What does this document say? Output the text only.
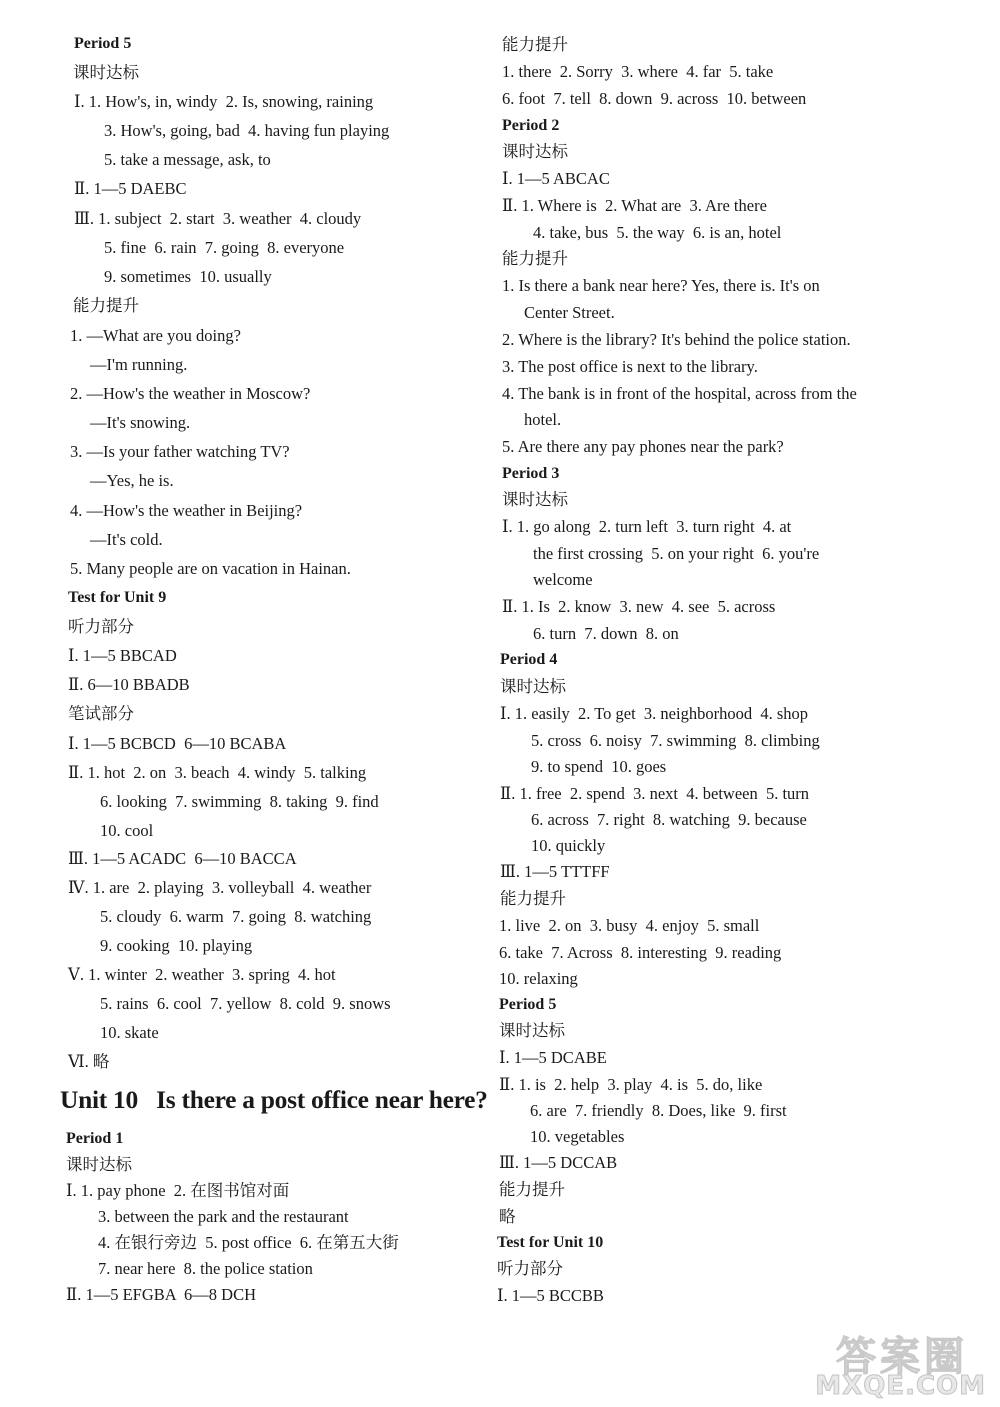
Period 5
课时达标
Ⅰ. 1. How's, in, windy  2. Is, snowing, raining
3. How's, going, bad  4. having fun playing
5. take a message, ask, to
Ⅱ. 1—5 DAEBC
Ⅲ. 1. subject  2. start  3. weather  4. cloudy
5. fine  6. rain  7. going  8. everyone
9. sometimes  10. usually
能力提升
1. —What are you doing?
—I'm running.
2. —How's the weather in Moscow?
—It's snowing.
3. —Is your father watching TV?
—Yes, he is.
4. —How's the weather in Beijing?
—It's cold.
5. Many people are on vacation in Hainan.
Test for Unit 9
听力部分
Ⅰ. 1—5 BBCAD
Ⅱ. 6—10 BBADB
笔试部分
Ⅰ. 1—5 BCBCD  6—10 BCABA
Ⅱ. 1. hot  2. on  3. beach  4. windy  5. talking
6. looking  7. swimming  8. taking  9. find
10. cool
Ⅲ. 1—5 ACADC  6—10 BACCA
Ⅳ. 1. are  2. playing  3. volleyball  4. weather
5. cloudy  6. warm  7. going  8. watching
9. cooking  10. playing
Ⅴ. 1. winter  2. weather  3. spring  4. hot
5. rains  6. cool  7. yellow  8. cold  9. snows
10. skate
Ⅵ. 略
Unit 10   Is there a post office near here?
Period 1
课时达标
Ⅰ. 1. pay phone  2. 在图书馆对面
3. between the park and the restaurant
4. 在银行旁边  5. post office  6. 在第五大街
7. near here  8. the police station
Ⅱ. 1—5 EFGBA  6—8 DCH
能力提升
1. there  2. Sorry  3. where  4. far  5. take
6. foot  7. tell  8. down  9. across  10. between
Period 2
课时达标
Ⅰ. 1—5 ABCAC
Ⅱ. 1. Where is  2. What are  3. Are there
4. take, bus  5. the way  6. is an, hotel
能力提升
1. Is there a bank near here? Yes, there is. It's on
Center Street.
2. Where is the library? It's behind the police station.
3. The post office is next to the library.
4. The bank is in front of the hospital, across from the
hotel.
5. Are there any pay phones near the park?
Period 3
课时达标
Ⅰ. 1. go along  2. turn left  3. turn right  4. at
the first crossing  5. on your right  6. you're
welcome
Ⅱ. 1. Is  2. know  3. new  4. see  5. across
6. turn  7. down  8. on
Period 4
课时达标
Ⅰ. 1. easily  2. To get  3. neighborhood  4. shop
5. cross  6. noisy  7. swimming  8. climbing
9. to spend  10. goes
Ⅱ. 1. free  2. spend  3. next  4. between  5. turn
6. across  7. right  8. watching  9. because
10. quickly
Ⅲ. 1—5 TTTFF
能力提升
1. live  2. on  3. busy  4. enjoy  5. small
6. take  7. Across  8. interesting  9. reading
10. relaxing
Period 5
课时达标
Ⅰ. 1—5 DCABE
Ⅱ. 1. is  2. help  3. play  4. is  5. do, like
6. are  7. friendly  8. Does, like  9. first
10. vegetables
Ⅲ. 1—5 DCCAB
能力提升
略
Test for Unit 10
听力部分
Ⅰ. 1—5 BCCBB
答案圈
MXQE.COM
